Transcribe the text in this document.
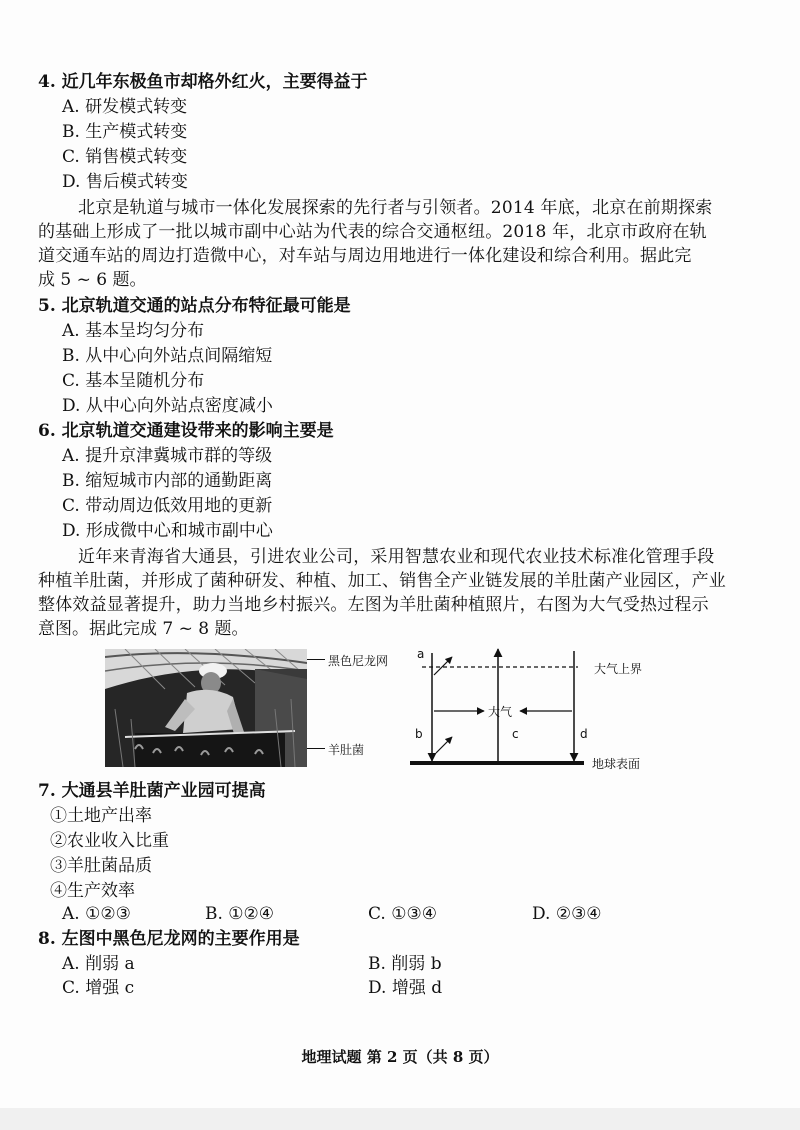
4. 近几年东极鱼市却格外红火，主要得益于
A. 研发模式转变
B. 生产模式转变
C. 销售模式转变
D. 售后模式转变
北京是轨道与城市一体化发展探索的先行者与引领者。2014 年底，北京在前期探索
的基础上形成了一批以城市副中心站为代表的综合交通枢纽。2018 年，北京市政府在轨
道交通车站的周边打造微中心，对车站与周边用地进行一体化建设和综合利用。据此完
成 5 ~ 6 题。
5. 北京轨道交通的站点分布特征最可能是
A. 基本呈均匀分布
B. 从中心向外站点间隔缩短
C. 基本呈随机分布
D. 从中心向外站点密度减小
6. 北京轨道交通建设带来的影响主要是
A. 提升京津冀城市群的等级
B. 缩短城市内部的通勤距离
C. 带动周边低效用地的更新
D. 形成微中心和城市副中心
近年来青海省大通县，引进农业公司，采用智慧农业和现代农业技术标准化管理手段
种植羊肚菌，并形成了菌种研发、种植、加工、销售全产业链发展的羊肚菌产业园区，产业
整体效益显著提升，助力当地乡村振兴。左图为羊肚菌种植照片，右图为大气受热过程示
意图。据此完成 7 ~ 8 题。
黑色尼龙网
羊肚菌
a
b	c	d
大气
大气上界
地球表面
7. 大通县羊肚菌产业园可提高
①土地产出率
②农业收入比重
③羊肚菌品质
④生产效率
A. ①②③	B. ①②④	C. ①③④	D. ②③④
8. 左图中黑色尼龙网的主要作用是
A. 削弱 a	B. 削弱 b
C. 增强 c	D. 增强 d
地理试题 第 2 页（共 8 页）
